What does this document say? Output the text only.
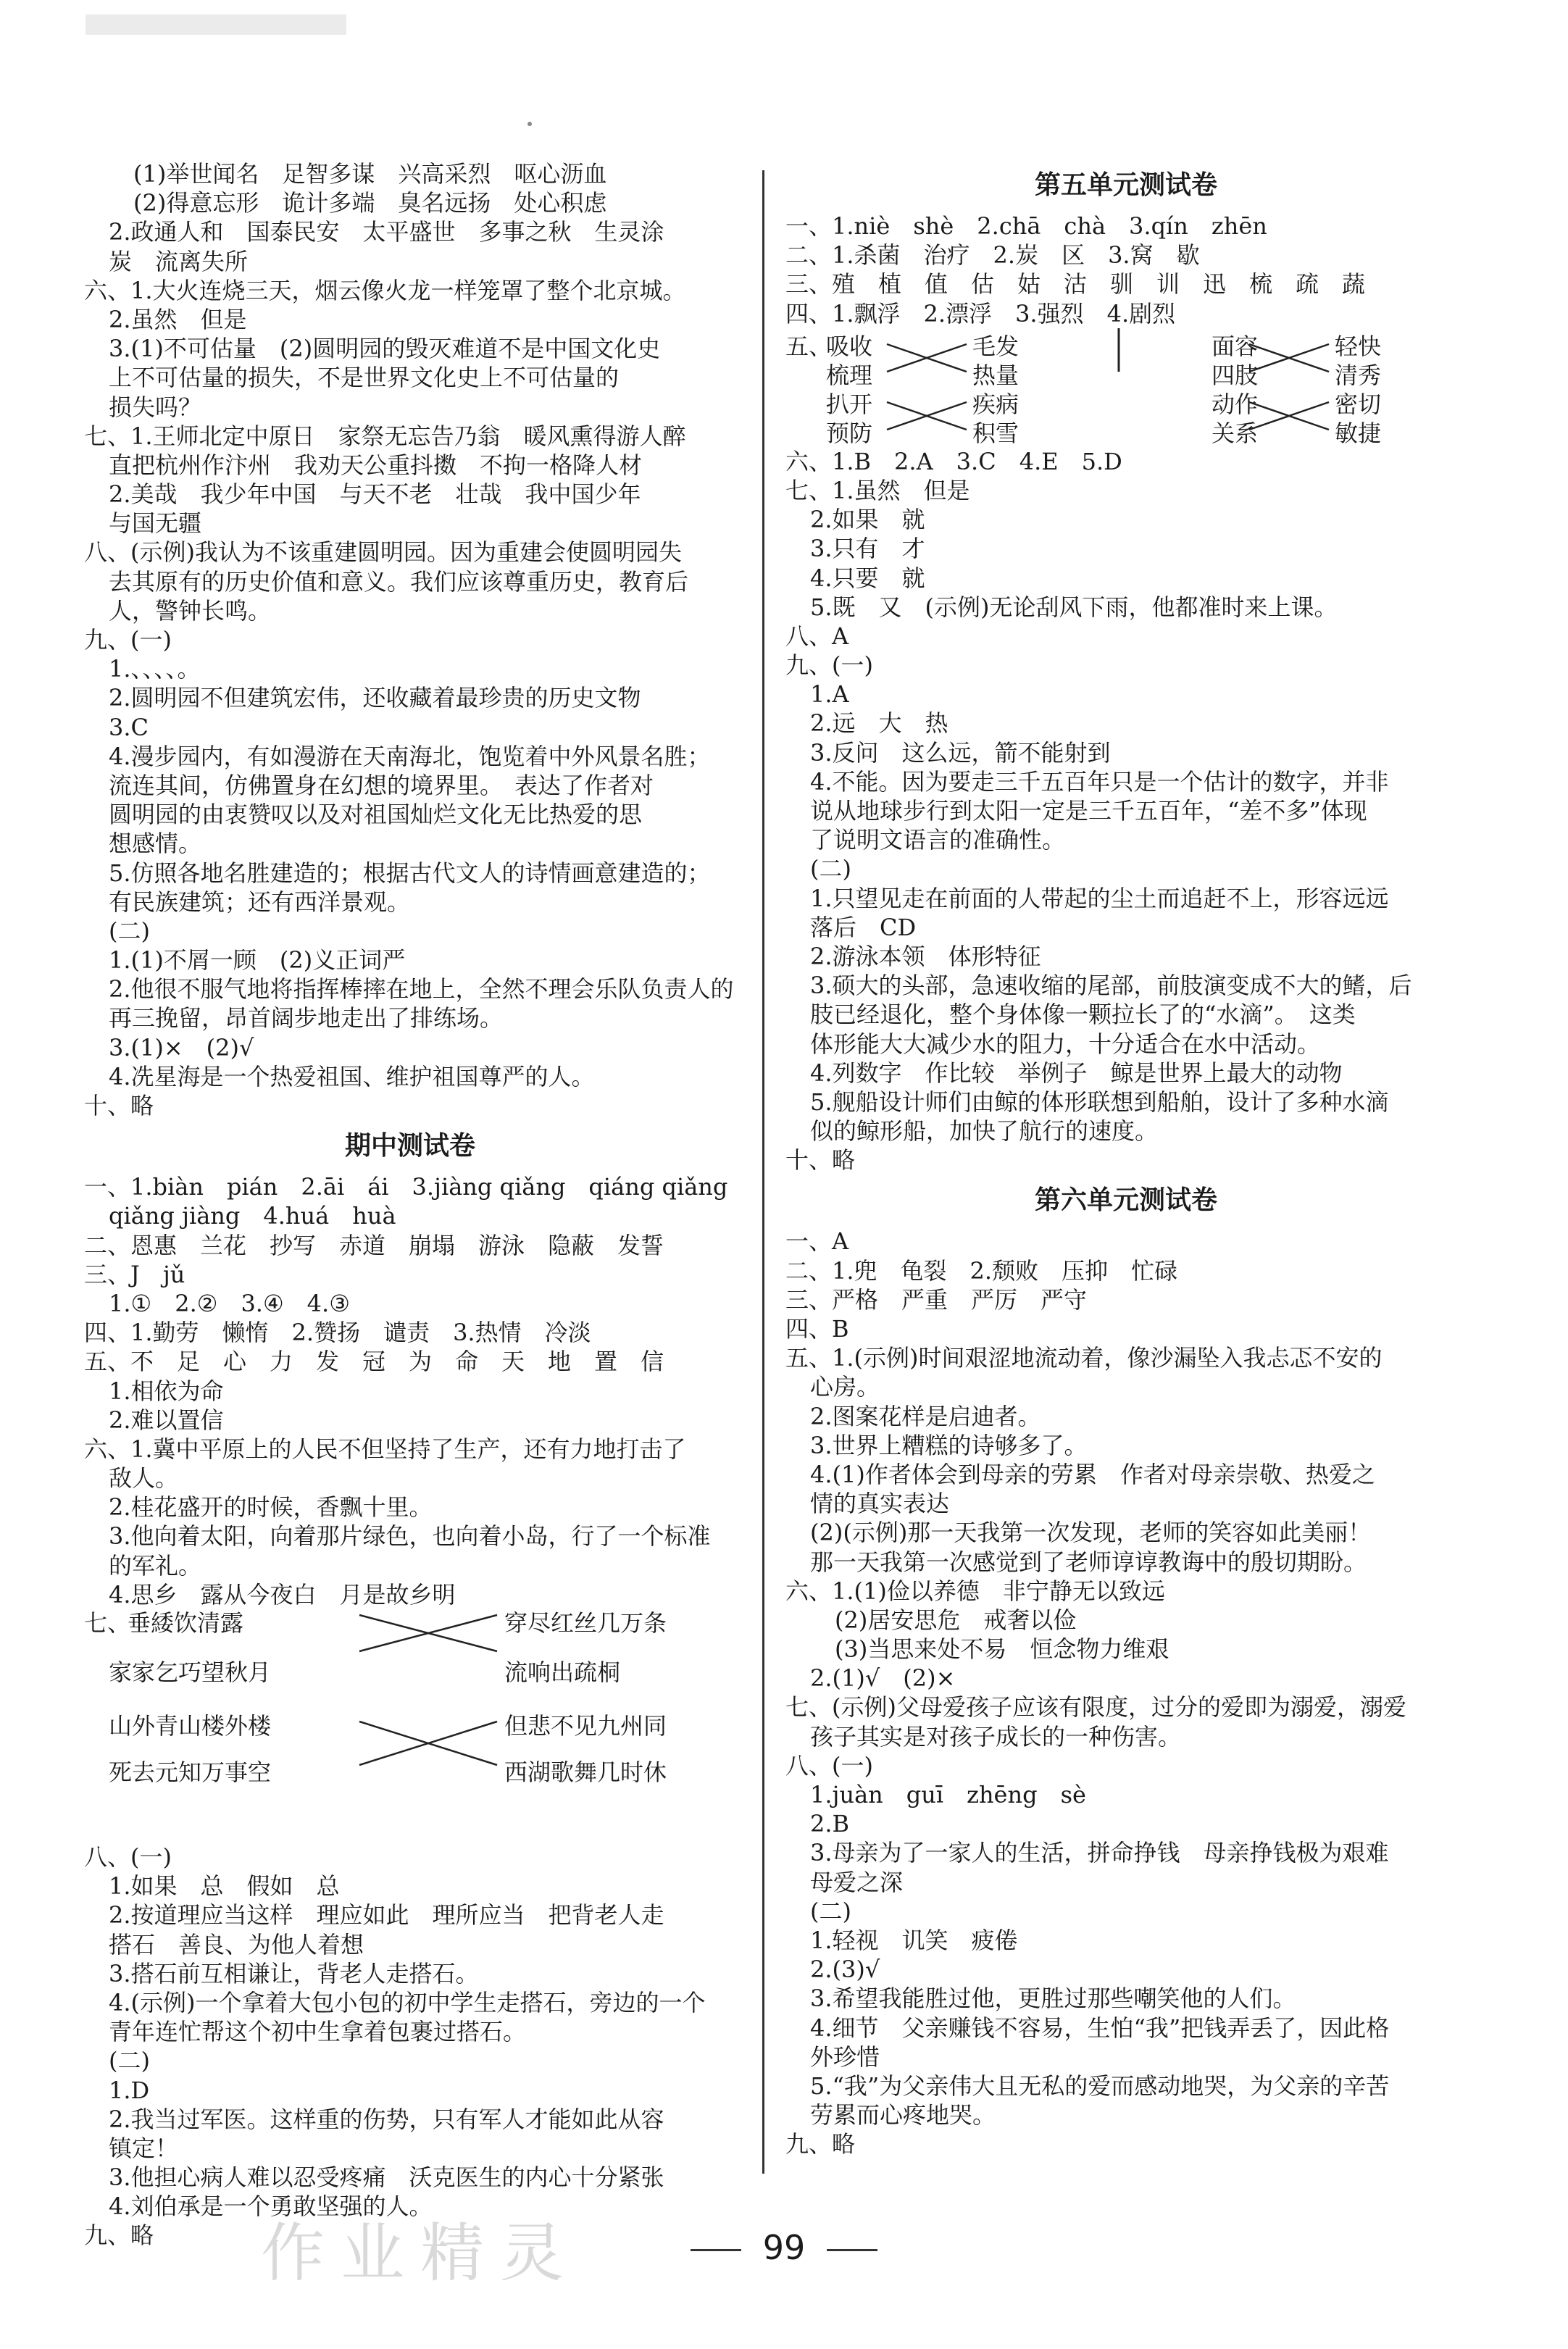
(1)举世闻名　足智多谋　兴高采烈　呕心沥血
(2)得意忘形　诡计多端　臭名远扬　处心积虑
2.政通人和　国泰民安　太平盛世　多事之秋　生灵涂
炭　流离失所
六、1.大火连烧三天，烟云像火龙一样笼罩了整个北京城。
2.虽然　但是
3.(1)不可估量　(2)圆明园的毁灭难道不是中国文化史
上不可估量的损失，不是世界文化史上不可估量的
损失吗？
七、1.王师北定中原日　家祭无忘告乃翁　暖风熏得游人醉
直把杭州作汴州　我劝天公重抖擞　不拘一格降人材
2.美哉　我少年中国　与天不老　壮哉　我中国少年
与国无疆
八、(示例)我认为不该重建圆明园。因为重建会使圆明园失
去其原有的历史价值和意义。我们应该尊重历史，教育后
人，警钟长鸣。
九、(一)
1.、、、、。
2.圆明园不但建筑宏伟，还收藏着最珍贵的历史文物
3.C
4.漫步园内，有如漫游在天南海北，饱览着中外风景名胜；
流连其间，仿佛置身在幻想的境界里。　表达了作者对
圆明园的由衷赞叹以及对祖国灿烂文化无比热爱的思
想感情。
5.仿照各地名胜建造的；根据古代文人的诗情画意建造的；
有民族建筑；还有西洋景观。
(二)
1.(1)不屑一顾　(2)义正词严
2.他很不服气地将指挥棒摔在地上，全然不理会乐队负责人的
再三挽留，昂首阔步地走出了排练场。
3.(1)×　(2)√
4.冼星海是一个热爱祖国、维护祖国尊严的人。
十、略
期中测试卷
一、1.biàn　pián　2.āi　ái　3.jiàng qiǎng　qiáng qiǎng
qiǎng jiàng　4.huá　huà
二、恩惠　兰花　抄写　赤道　崩塌　游泳　隐蔽　发誓
三、J　jǔ
1.①　2.②　3.④　4.③
四、1.勤劳　懒惰　2.赞扬　谴责　3.热情　冷淡
五、不　足　心　力　发　冠　为　命　天　地　置　信
1.相依为命
2.难以置信
六、1.冀中平原上的人民不但坚持了生产，还有力地打击了
敌人。
2.桂花盛开的时候，香飘十里。
3.他向着太阳，向着那片绿色，也向着小岛，行了一个标准
的军礼。
4.思乡　露从今夜白　月是故乡明
七、
垂緌饮清露
家家乞巧望秋月
山外青山楼外楼
死去元知万事空
穿尽红丝几万条
流响出疏桐
但悲不见九州同
西湖歌舞几时休
八、(一)
1.如果　总　假如　总
2.按道理应当这样　理应如此　理所应当　把背老人走
搭石　善良、为他人着想
3.搭石前互相谦让，背老人走搭石。
4.(示例)一个拿着大包小包的初中学生走搭石，旁边的一个
青年连忙帮这个初中生拿着包裹过搭石。
(二)
1.D
2.我当过军医。这样重的伤势，只有军人才能如此从容
镇定！
3.他担心病人难以忍受疼痛　沃克医生的内心十分紧张
4.刘伯承是一个勇敢坚强的人。
九、略
第五单元测试卷
一、1.niè　shè　2.chā　chà　3.qín　zhēn
二、1.杀菌　治疗　2.炭　区　3.窝　歇
三、殖　植　值　估　姑　沽　驯　训　迅　梳　疏　蔬
四、1.飘浮　2.漂浮　3.强烈　4.剧烈
五、
吸收
梳理
扒开
预防
毛发
热量
疾病
积雪
面容
四肢
动作
关系
轻快
清秀
密切
敏捷
六、1.B　2.A　3.C　4.E　5.D
七、1.虽然　但是
2.如果　就
3.只有　才
4.只要　就
5.既　又　(示例)无论刮风下雨，他都准时来上课。
八、A
九、(一)
1.A
2.远　大　热
3.反问　这么远，箭不能射到
4.不能。因为要走三千五百年只是一个估计的数字，并非
说从地球步行到太阳一定是三千五百年，“差不多”体现
了说明文语言的准确性。
(二)
1.只望见走在前面的人带起的尘土而追赶不上，形容远远
落后　CD
2.游泳本领　体形特征
3.硕大的头部，急速收缩的尾部，前肢演变成不大的鳍，后
肢已经退化，整个身体像一颗拉长了的“水滴”。　这类
体形能大大减少水的阻力，十分适合在水中活动。
4.列数字　作比较　举例子　鲸是世界上最大的动物
5.舰船设计师们由鲸的体形联想到船舶，设计了多种水滴
似的鲸形船，加快了航行的速度。
十、略
第六单元测试卷
一、A
二、1.兜　龟裂　2.颓败　压抑　忙碌
三、严格　严重　严厉　严守
四、B
五、1.(示例)时间艰涩地流动着，像沙漏坠入我忐忑不安的
心房。
2.图案花样是启迪者。
3.世界上糟糕的诗够多了。
4.(1)作者体会到母亲的劳累　作者对母亲崇敬、热爱之
情的真实表达
(2)(示例)那一天我第一次发现，老师的笑容如此美丽！
那一天我第一次感觉到了老师谆谆教诲中的殷切期盼。
六、1.(1)俭以养德　非宁静无以致远
(2)居安思危　戒奢以俭
(3)当思来处不易　恒念物力维艰
2.(1)√　(2)×
七、(示例)父母爱孩子应该有限度，过分的爱即为溺爱，溺爱
孩子其实是对孩子成长的一种伤害。
八、(一)
1.juàn　guī　zhēng　sè
2.B
3.母亲为了一家人的生活，拼命挣钱　母亲挣钱极为艰难
母爱之深
(二)
1.轻视　讥笑　疲倦
2.(3)√
3.希望我能胜过他，更胜过那些嘲笑他的人们。
4.细节　父亲赚钱不容易，生怕“我”把钱弄丢了，因此格
外珍惜
5.“我”为父亲伟大且无私的爱而感动地哭，为父亲的辛苦
劳累而心疼地哭。
九、略
作业精灵	99
